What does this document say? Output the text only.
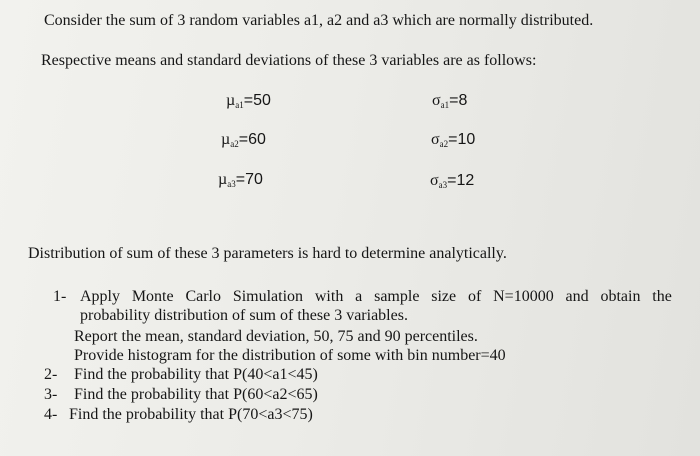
Consider the sum of 3 random variables a1, a2 and a3 which are normally distributed.
Respective means and standard deviations of these 3 variables are as follows:
µ$_{a1}$=50	$\sigma_{a1}=8$
µ$_{a2}$=60	$\sigma_{a2}=10$
µ$_{a3}$=70	$\sigma_{a3}=12$
Distribution of sum of these 3 parameters is hard to determine analytically.
1- Apply Monte Carlo Simulation with a sample size of N=10000 and obtain the
probability distribution of sum of these 3 variables.
Report the mean, standard deviation, 50, 75 and 90 percentiles.
Provide histogram for the distribution of some with bin number=40
2- Find the probability that P(40<a1<45)
3- Find the probability that P(60<a2<65)
4- Find the probability that P(70<a3<75)
